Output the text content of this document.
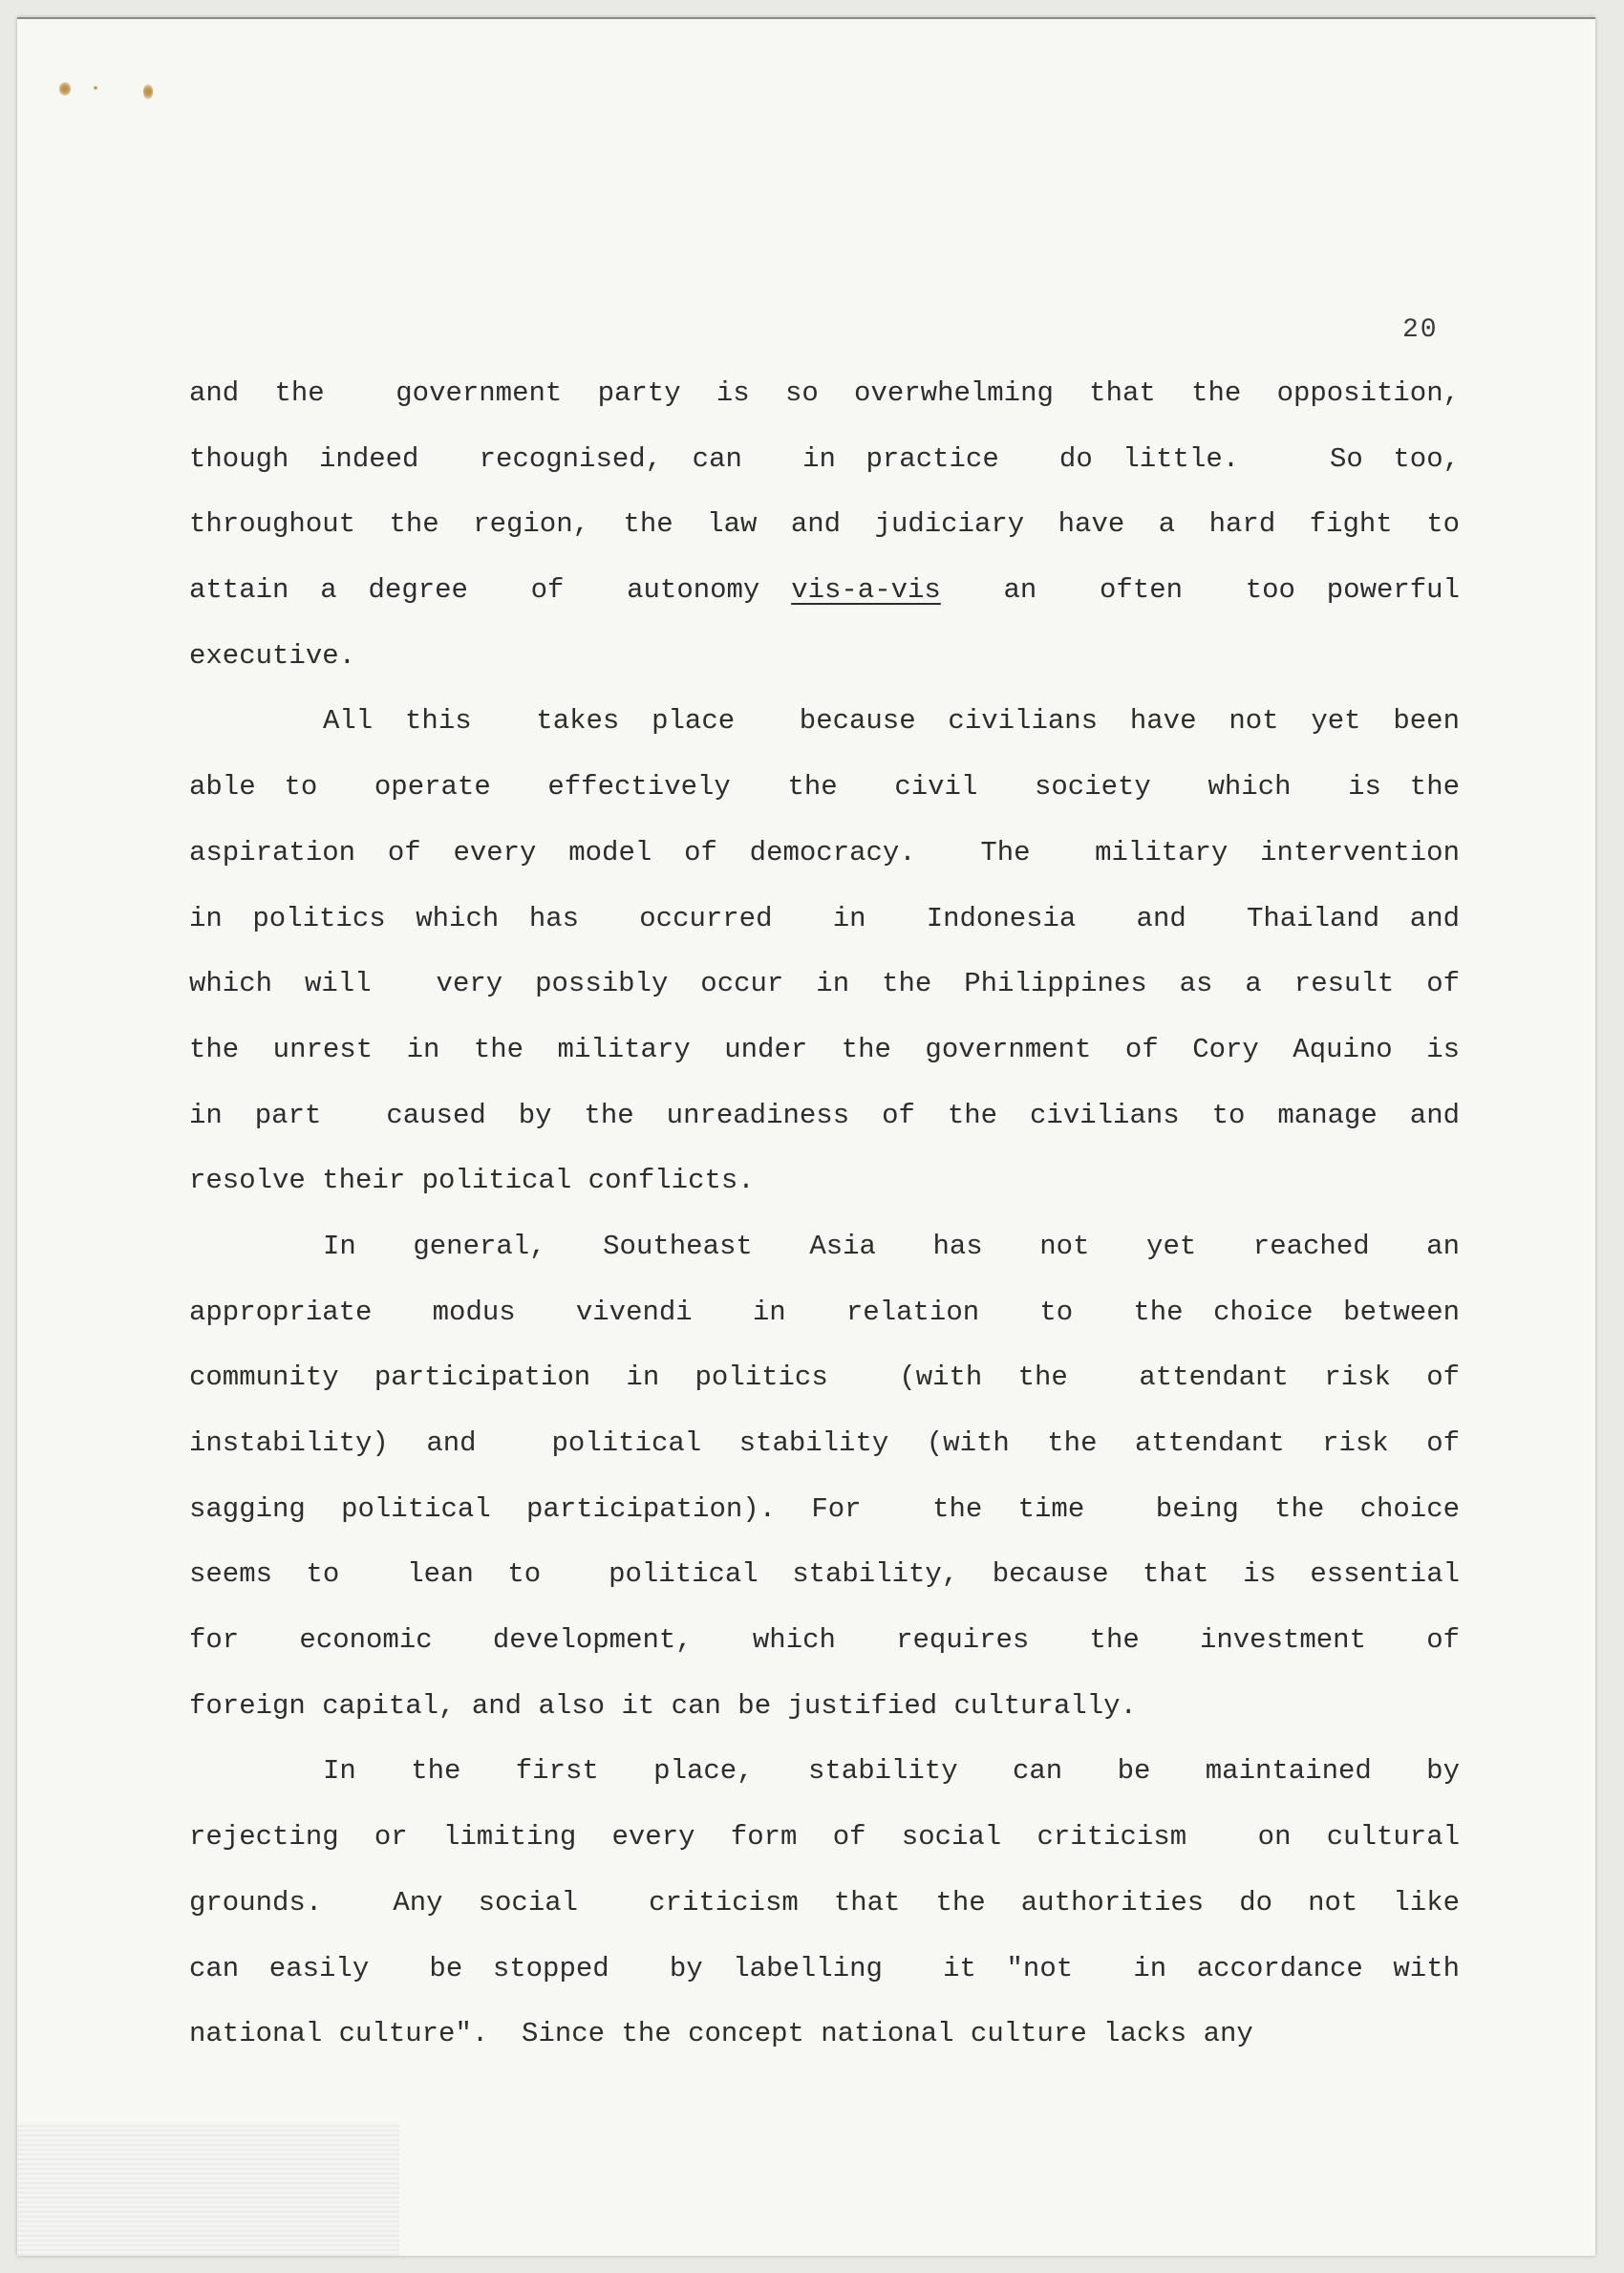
20
and the  government party is so overwhelming that the opposition,
though indeed  recognised, can  in practice  do little.   So too,
throughout the region, the law and judiciary have a hard fight to
attain a degree  of  autonomy vis-a-vis  an  often  too powerful
executive.
All this  takes place  because civilians have not yet been
able to  operate  effectively  the  civil  society  which  is the
aspiration of every model of democracy.  The  military intervention
in politics which has  occurred  in  Indonesia  and  Thailand and
which will  very possibly occur in the Philippines as a result of
the unrest in the military under the government of Cory Aquino is
in part  caused by the unreadiness of the civilians to manage and
resolve their political conflicts.
In  general,  Southeast  Asia  has  not  yet  reached  an
appropriate  modus  vivendi  in  relation  to  the choice between
community participation in politics  (with the  attendant risk of
instability) and  political stability (with the attendant risk of
sagging political participation). For  the time  being the choice
seems to  lean to  political stability, because that is essential
for  economic  development,  which  requires  the  investment  of
foreign capital, and also it can be justified culturally.
In  the  first  place,  stability  can  be  maintained  by
rejecting or limiting every form of social criticism  on cultural
grounds.  Any social  criticism that the authorities do not like
can easily  be stopped  by labelling  it "not  in accordance with
national culture".  Since the concept national culture lacks any
